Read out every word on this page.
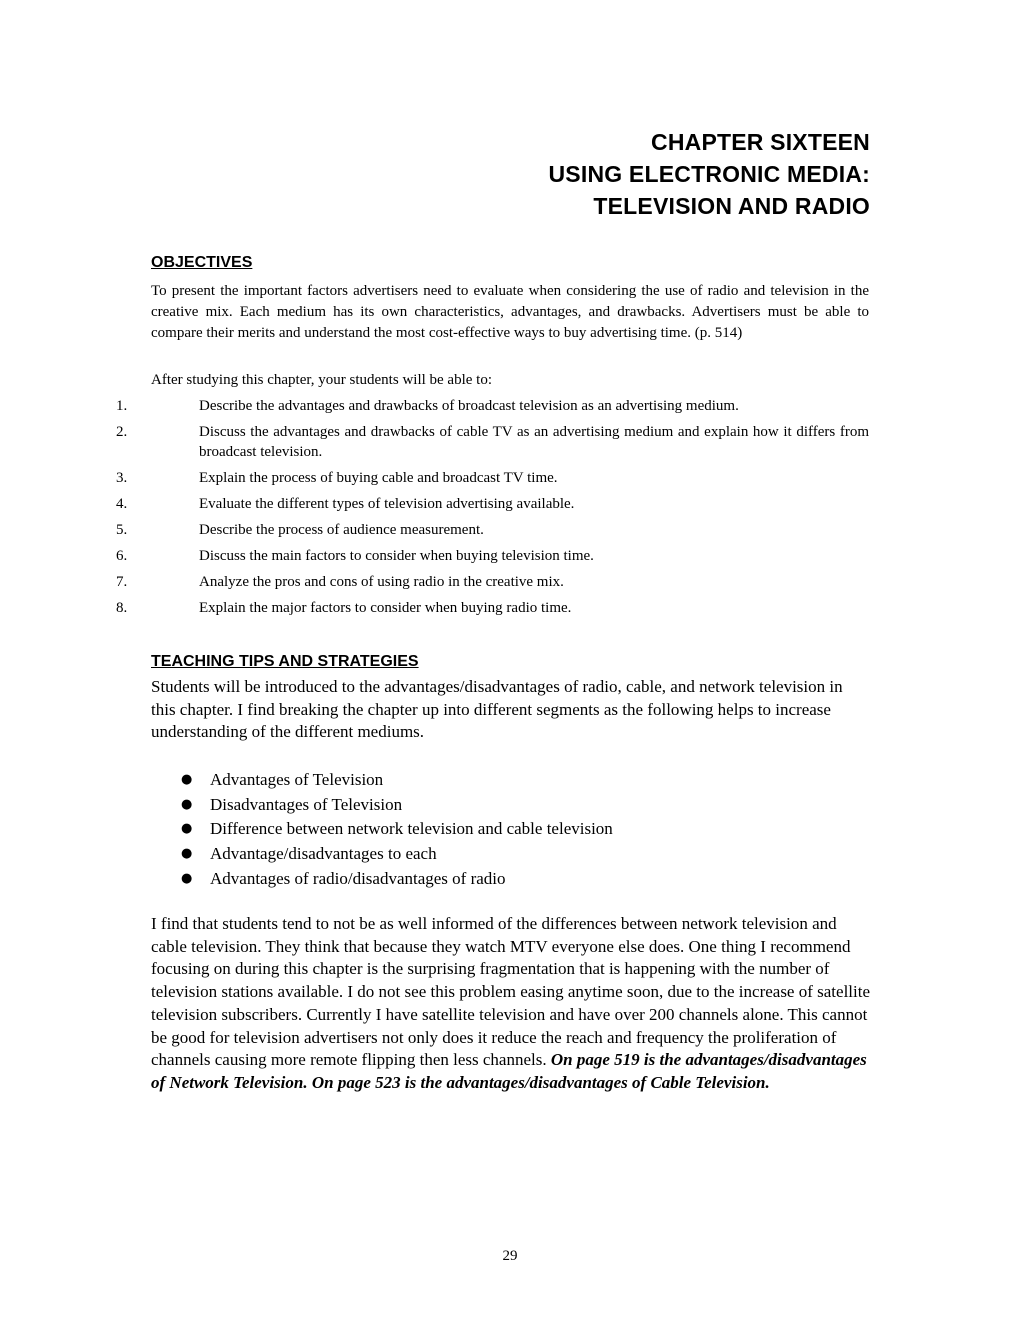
CHAPTER SIXTEEN
USING ELECTRONIC MEDIA:
TELEVISION AND RADIO
OBJECTIVES
To present the important factors advertisers need to evaluate when considering the use of radio and television in the creative mix. Each medium has its own characteristics, advantages, and drawbacks. Advertisers must be able to compare their merits and understand the most cost-effective ways to buy advertising time. (p. 514)
After studying this chapter, your students will be able to:
1.	Describe the advantages and drawbacks of broadcast television as an advertising medium.
2.	Discuss the advantages and drawbacks of cable TV as an advertising medium and explain how it differs from broadcast television.
3.	Explain the process of buying cable and broadcast TV time.
4.	Evaluate the different types of television advertising available.
5.	Describe the process of audience measurement.
6.	Discuss the main factors to consider when buying television time.
7.	Analyze the pros and cons of using radio in the creative mix.
8.	Explain the major factors to consider when buying radio time.
TEACHING TIPS AND STRATEGIES
Students will be introduced to the advantages/disadvantages of radio, cable, and network television in this chapter. I find breaking the chapter up into different segments as the following helps to increase understanding of the different mediums.
● Advantages of Television
● Disadvantages of Television
● Difference between network television and cable television
● Advantage/disadvantages to each
● Advantages of radio/disadvantages of radio
I find that students tend to not be as well informed of the differences between network television and cable television. They think that because they watch MTV everyone else does. One thing I recommend focusing on during this chapter is the surprising fragmentation that is happening with the number of television stations available. I do not see this problem easing anytime soon, due to the increase of satellite television subscribers. Currently I have satellite television and have over 200 channels alone. This cannot be good for television advertisers not only does it reduce the reach and frequency the proliferation of channels causing more remote flipping then less channels. On page 519 is the advantages/disadvantages of Network Television. On page 523 is the advantages/disadvantages of Cable Television.
29
